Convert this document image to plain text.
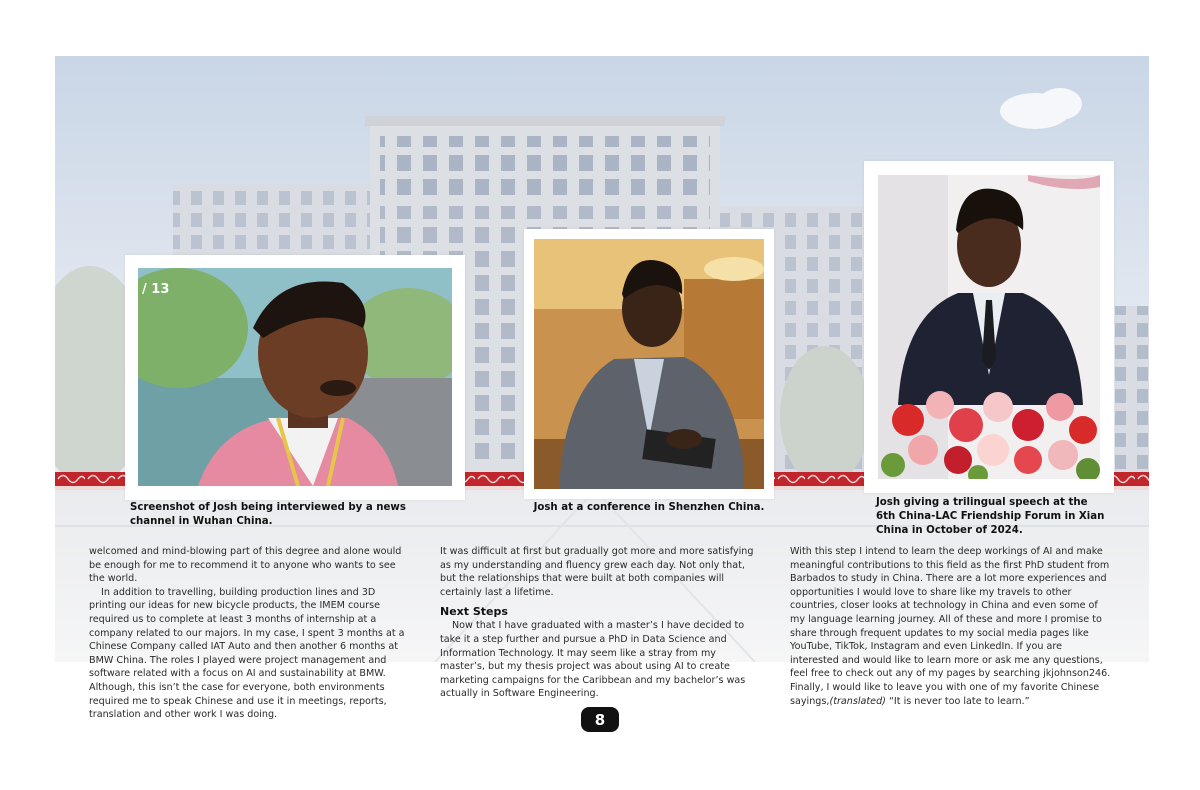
/ 13
Screenshot of Josh being interviewed by a news channel in Wuhan China.
Josh at a conference in Shenzhen China.	Josh giving a trilingual speech at the 6th China-LAC Friendship Forum in Xian China in October of 2024.

welcomed and mind-blowing part of this degree and alone would be enough for me to recommend it to anyone who wants to see the world.

In addition to travelling, building production lines and 3D printing our ideas for new bicycle products, the IMEM course required us to complete at least 3 months of internship at a company related to our majors. In my case, I spent 3 months at a Chinese Company called IAT Auto and then another 6 months at BMW China. The roles I played were project management and software related with a focus on AI and sustainability at BMW. Although, this isn’t the case for everyone, both environments required me to speak Chinese and use it in meetings, reports, translation and other work I was doing.

It was difficult at first but gradually got more and more satisfying as my understanding and fluency grew each day. Not only that, but the relationships that were built at both companies will certainly last a lifetime.

Next Steps

Now that I have graduated with a master’s I have decided to take it a step further and pursue a PhD in Data Science and Information Technology. It may seem like a stray from my master’s, but my thesis project was about using AI to create marketing campaigns for the Caribbean and my bachelor’s was actually in Software Engineering.

With this step I intend to learn the deep workings of AI and make meaningful contributions to this field as the first PhD student from Barbados to study in China. There are a lot more experiences and opportunities I would love to share like my travels to other countries, closer looks at technology in China and even some of my language learning journey. All of these and more I promise to share through frequent updates to my social media pages like YouTube, TikTok, Instagram and even LinkedIn. If you are interested and would like to learn more or ask me any questions, feel free to check out any of my pages by searching jkjohnson246. Finally, I would like to leave you with one of my favorite Chinese sayings,(translated) “It is never too late to learn.”

8
